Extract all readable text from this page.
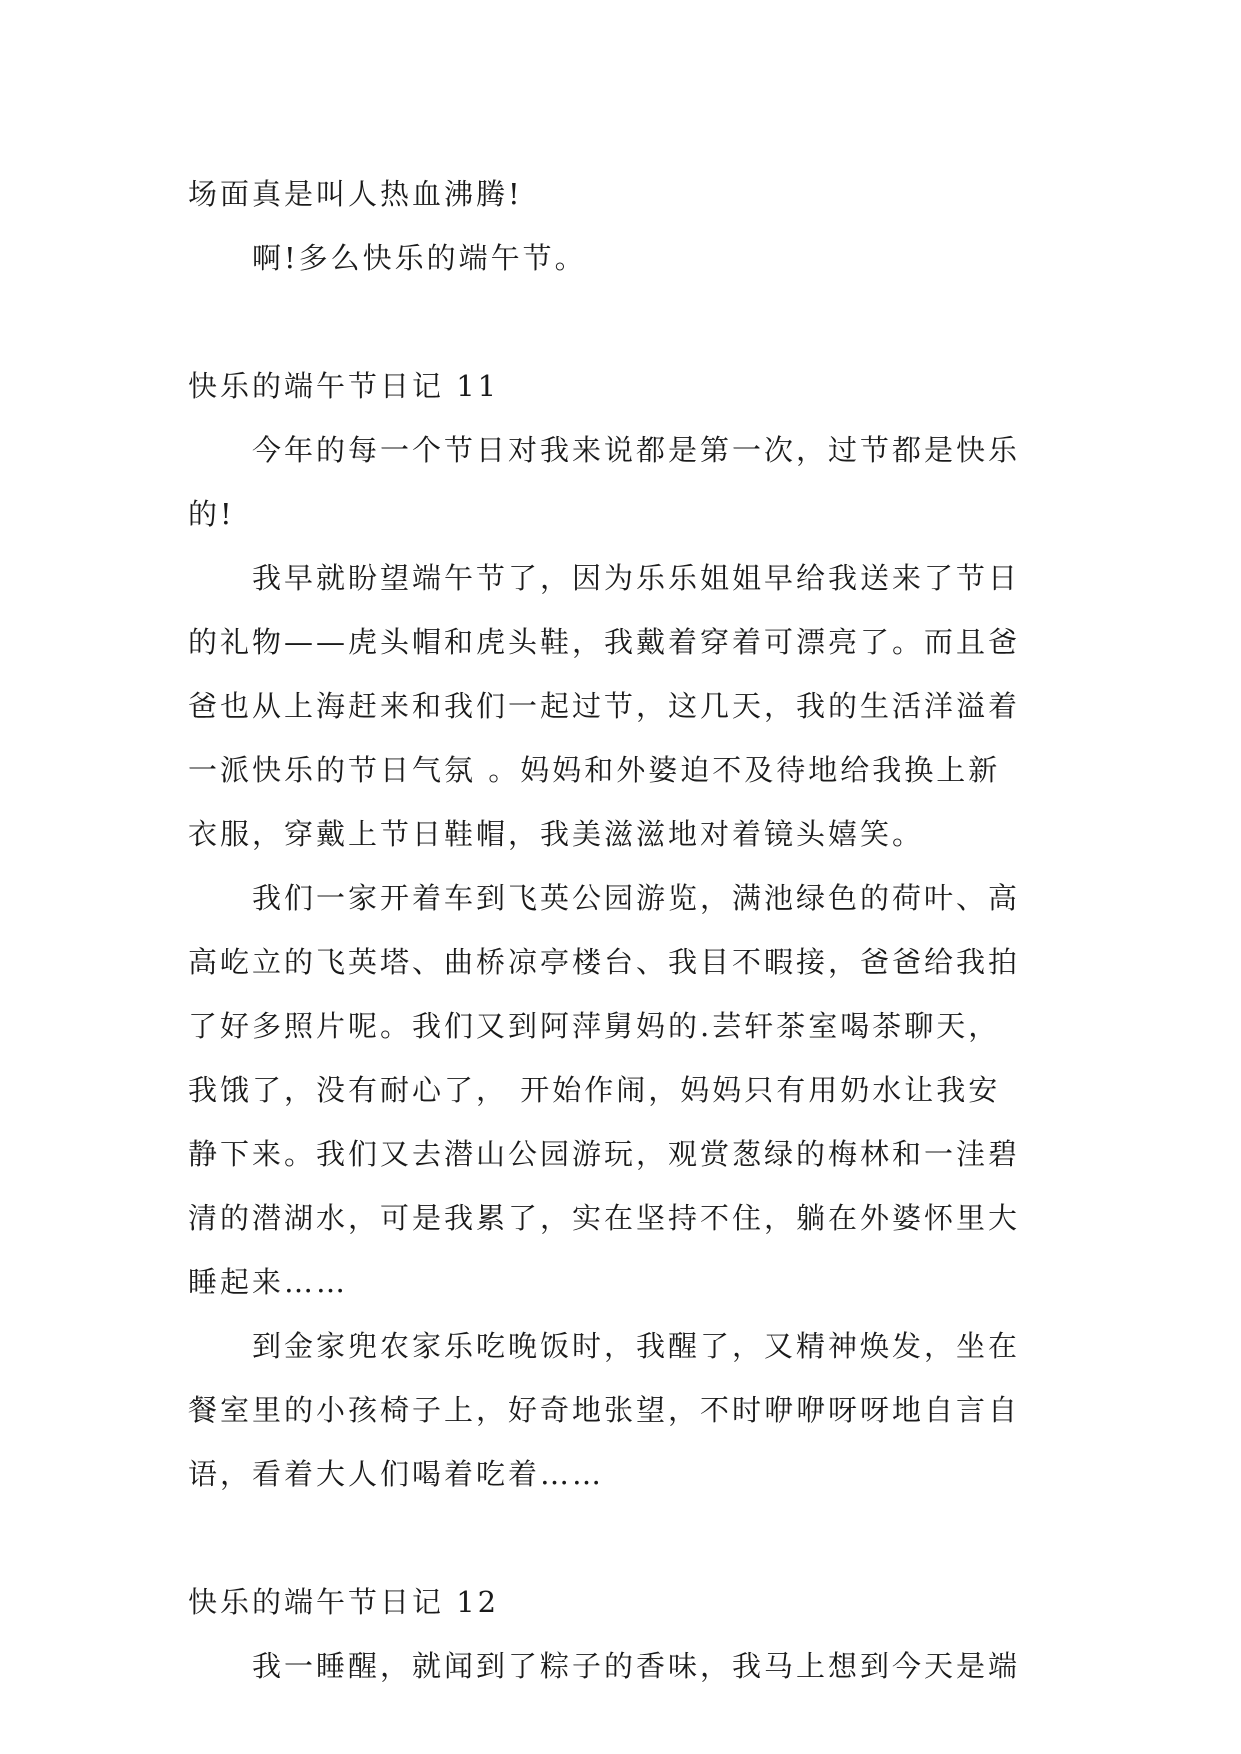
场面真是叫人热血沸腾!

啊!多么快乐的端午节。

快乐的端午节日记 11

今年的每一个节日对我来说都是第一次，过节都是快乐

的!

我早就盼望端午节了，因为乐乐姐姐早给我送来了节日

的礼物——虎头帽和虎头鞋，我戴着穿着可漂亮了。而且爸
爸也从上海赶来和我们一起过节，这几天，我的生活洋溢着
一派快乐的节日气氛 。妈妈和外婆迫不及待地给我换上新
衣服，穿戴上节日鞋帽，我美滋滋地对着镜头嬉笑。

我们一家开着车到飞英公园游览，满池绿色的荷叶、高

高屹立的飞英塔、曲桥凉亭楼台、我目不暇接，爸爸给我拍
了好多照片呢。我们又到阿萍舅妈的.芸轩茶室喝茶聊天，
我饿了，没有耐心了， 开始作闹，妈妈只有用奶水让我安
静下来。我们又去潜山公园游玩，观赏葱绿的梅林和一洼碧
清的潜湖水，可是我累了，实在坚持不住，躺在外婆怀里大
睡起来……

到金家兜农家乐吃晚饭时，我醒了，又精神焕发，坐在

餐室里的小孩椅子上，好奇地张望，不时咿咿呀呀地自言自
语，看着大人们喝着吃着……

快乐的端午节日记 12

我一睡醒，就闻到了粽子的香味，我马上想到今天是端
